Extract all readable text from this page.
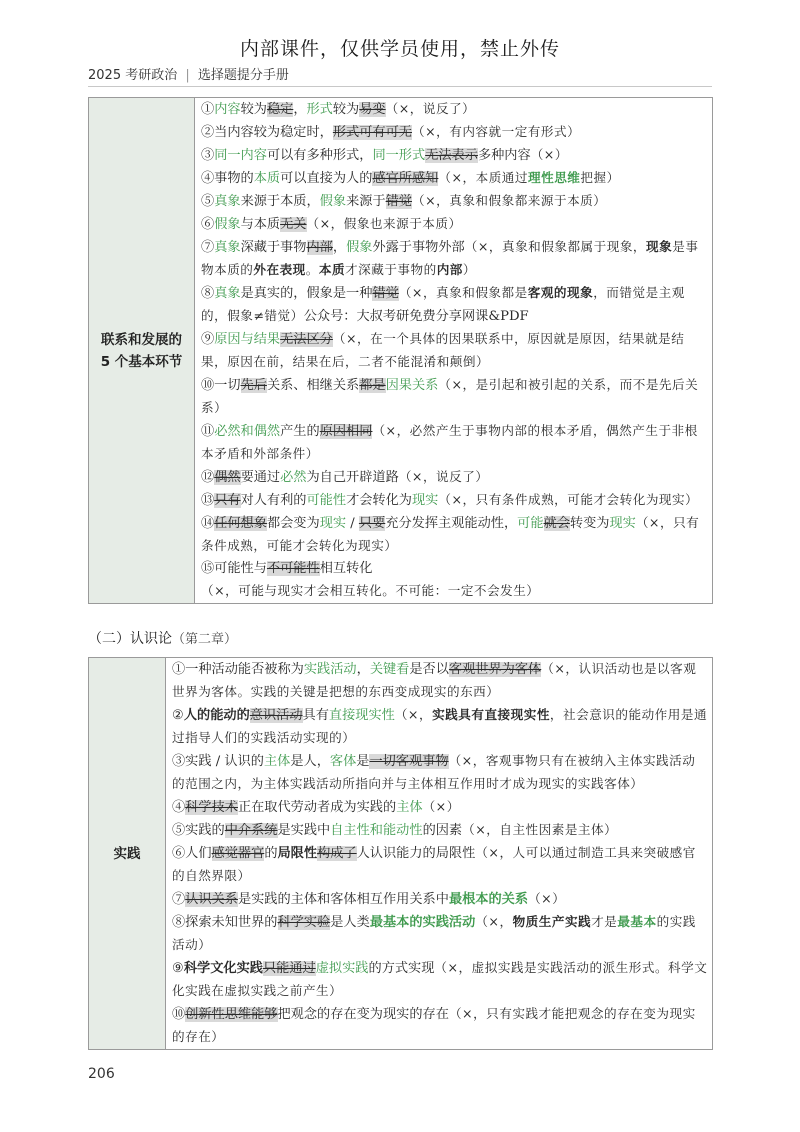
内部课件，仅供学员使用，禁止外传
2025 考研政治 | 选择题提分手册
联系和发展的 5 个基本环节	
①内容较为稳定，形式较为易变（×，说反了）
②当内容较为稳定时，形式可有可无（×，有内容就一定有形式）
③同一内容可以有多种形式，同一形式无法表示多种内容（×）
④事物的本质可以直接为人的感官所感知（×，本质通过理性思维把握）
⑤真象来源于本质，假象来源于错觉（×，真象和假象都来源于本质）
⑥假象与本质无关（×，假象也来源于本质）
⑦真象深藏于事物内部，假象外露于事物外部（×，真象和假象都属于现象，现象是事物本质的外在表现。本质才深藏于事物的内部）
⑧真象是真实的，假象是一种错觉（×，真象和假象都是客观的现象，而错觉是主观的，假象≠错觉）公众号：大叔考研免费分享网课&PDF
⑨原因与结果无法区分（×，在一个具体的因果联系中，原因就是原因，结果就是结果，原因在前，结果在后，二者不能混淆和颠倒）
⑩一切先后关系、相继关系都是因果关系（×，是引起和被引起的关系，而不是先后关系）
⑪必然和偶然产生的原因相同（×，必然产生于事物内部的根本矛盾，偶然产生于非根本矛盾和外部条件）
⑫偶然要通过必然为自己开辟道路（×，说反了）
⑬只有对人有利的可能性才会转化为现实（×，只有条件成熟，可能才会转化为现实）
⑭任何想象都会变为现实 / 只要充分发挥主观能动性，可能就会转变为现实（×，只有条件成熟，可能才会转化为现实）
⑮可能性与不可能性相互转化（×，可能与现实才会相互转化。不可能：一定不会发生）
（二）认识论（第二章）
实践	
①一种活动能否被称为实践活动，关键看是否以客观世界为客体（×，认识活动也是以客观世界为客体。实践的关键是把想的东西变成现实的东西）
②人的能动的意识活动具有直接现实性（×，实践具有直接现实性，社会意识的能动作用是通过指导人们的实践活动实现的）
③实践 / 认识的主体是人，客体是一切客观事物（×，客观事物只有在被纳入主体实践活动的范围之内，为主体实践活动所指向并与主体相互作用时才成为现实的实践客体）
④科学技术正在取代劳动者成为实践的主体（×）
⑤实践的中介系统是实践中自主性和能动性的因素（×，自主性因素是主体）
⑥人们感觉器官的局限性构成了人认识能力的局限性（×，人可以通过制造工具来突破感官的自然界限）
⑦认识关系是实践的主体和客体相互作用关系中最根本的关系（×）
⑧探索未知世界的科学实验是人类最基本的实践活动（×，物质生产实践才是最基本的实践活动）
⑨科学文化实践只能通过虚拟实践的方式实现（×，虚拟实践是实践活动的派生形式。科学文化实践在虚拟实践之前产生）
⑩创新性思维能够把观念的存在变为现实的存在（×，只有实践才能把观念的存在变为现实的存在）
206
